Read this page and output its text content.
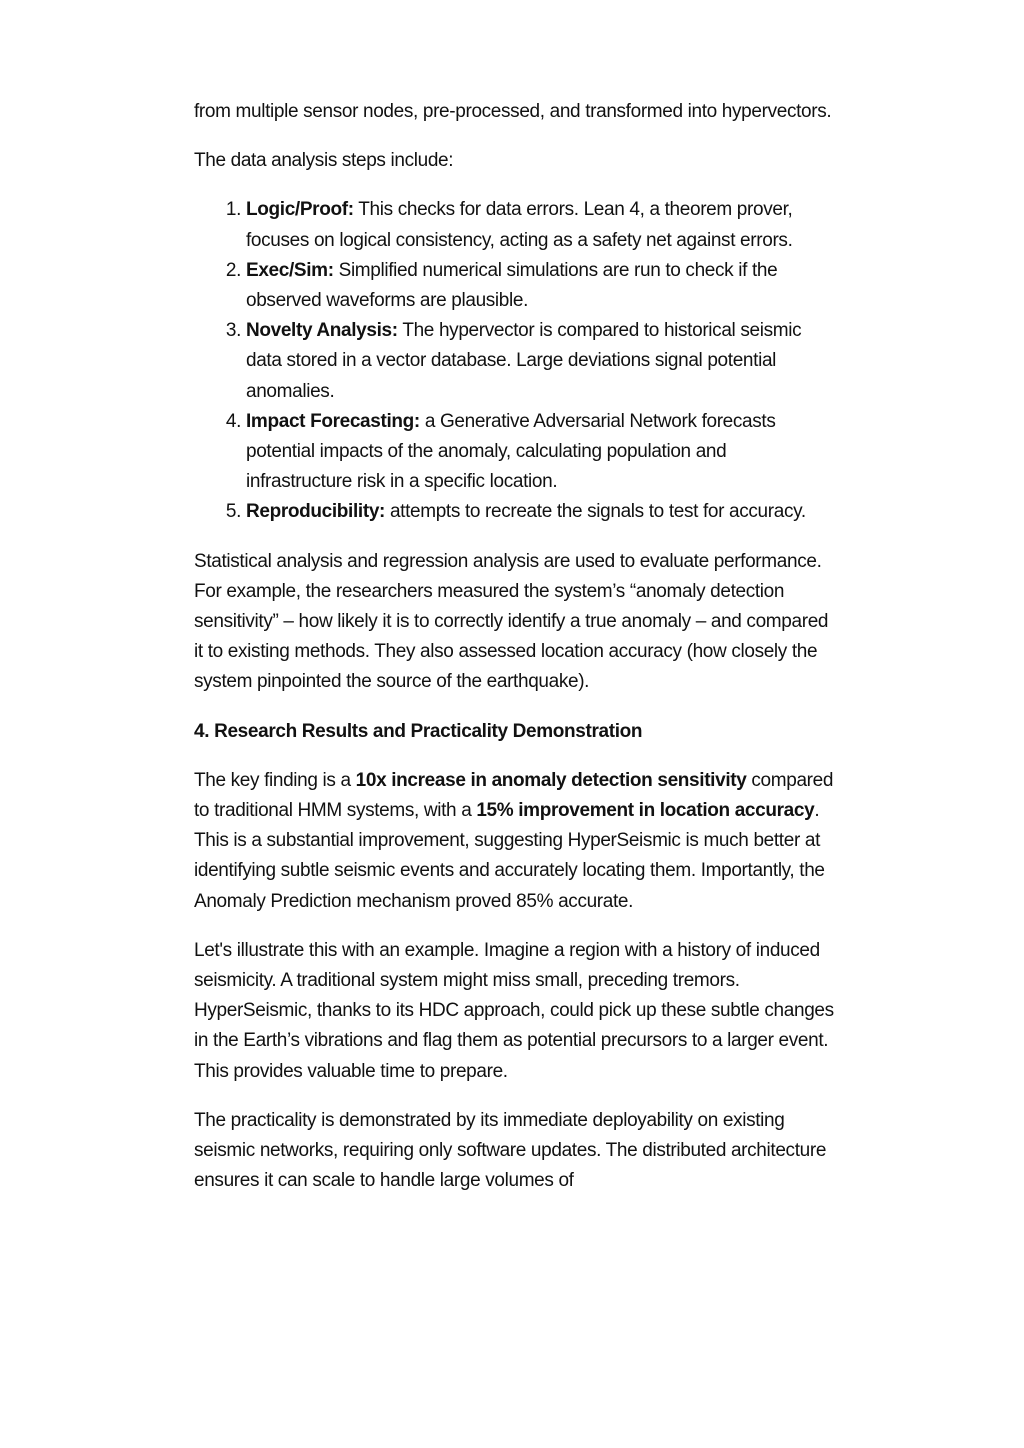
from multiple sensor nodes, pre-processed, and transformed into hypervectors.

The data analysis steps include:

1. Logic/Proof: This checks for data errors. Lean 4, a theorem prover, focuses on logical consistency, acting as a safety net against errors.
2. Exec/Sim: Simplified numerical simulations are run to check if the observed waveforms are plausible.
3. Novelty Analysis: The hypervector is compared to historical seismic data stored in a vector database. Large deviations signal potential anomalies.
4. Impact Forecasting: a Generative Adversarial Network forecasts potential impacts of the anomaly, calculating population and infrastructure risk in a specific location.
5. Reproducibility: attempts to recreate the signals to test for accuracy.

Statistical analysis and regression analysis are used to evaluate performance. For example, the researchers measured the system’s “anomaly detection sensitivity” – how likely it is to correctly identify a true anomaly – and compared it to existing methods. They also assessed location accuracy (how closely the system pinpointed the source of the earthquake).

4. Research Results and Practicality Demonstration

The key finding is a 10x increase in anomaly detection sensitivity compared to traditional HMM systems, with a 15% improvement in location accuracy. This is a substantial improvement, suggesting HyperSeismic is much better at identifying subtle seismic events and accurately locating them. Importantly, the Anomaly Prediction mechanism proved 85% accurate.

Let's illustrate this with an example. Imagine a region with a history of induced seismicity. A traditional system might miss small, preceding tremors. HyperSeismic, thanks to its HDC approach, could pick up these subtle changes in the Earth’s vibrations and flag them as potential precursors to a larger event. This provides valuable time to prepare.

The practicality is demonstrated by its immediate deployability on existing seismic networks, requiring only software updates. The distributed architecture ensures it can scale to handle large volumes of
